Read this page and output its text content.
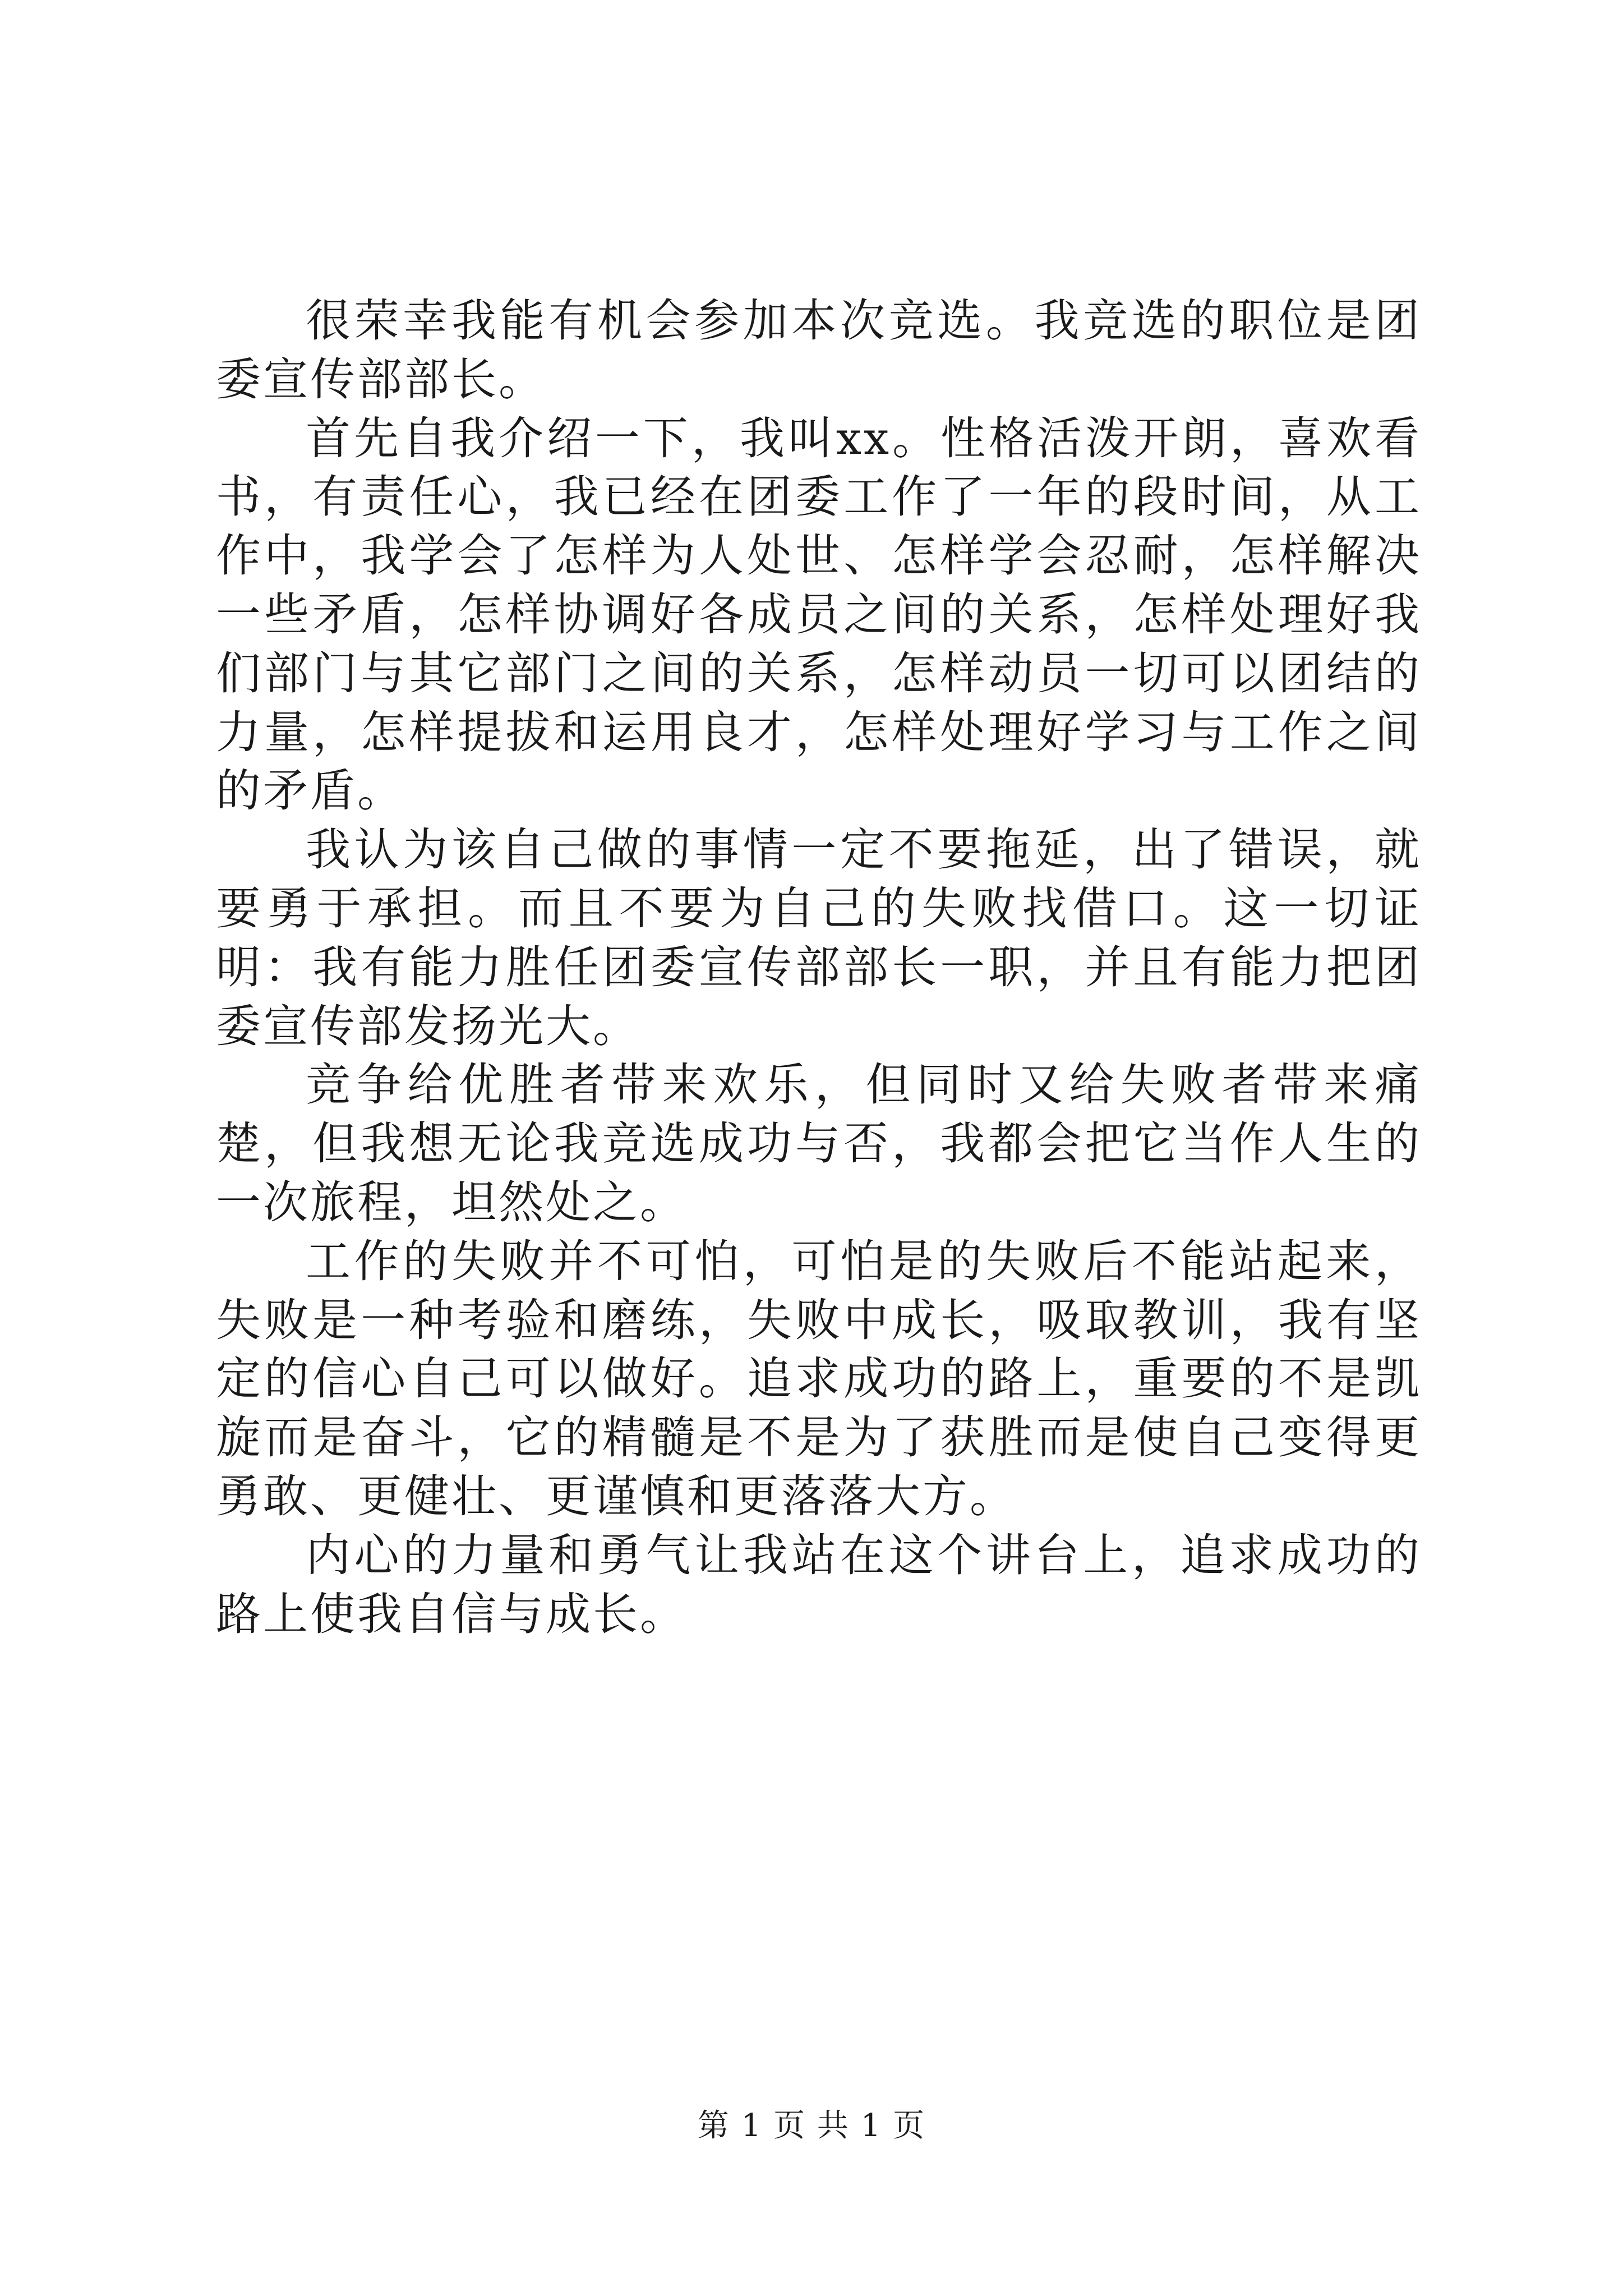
很荣幸我能有机会参加本次竞选。我竞选的职位是团委宣传部部长。

首先自我介绍一下，我叫xx。性格活泼开朗，喜欢看书，有责任心，我已经在团委工作了一年的段时间，从工作中，我学会了怎样为人处世、怎样学会忍耐，怎样解决一些矛盾，怎样协调好各成员之间的关系，怎样处理好我们部门与其它部门之间的关系，怎样动员一切可以团结的力量，怎样提拔和运用良才，怎样处理好学习与工作之间的矛盾。

我认为该自己做的事情一定不要拖延，出了错误，就要勇于承担。而且不要为自己的失败找借口。这一切证明：我有能力胜任团委宣传部部长一职，并且有能力把团委宣传部发扬光大。

竞争给优胜者带来欢乐，但同时又给失败者带来痛楚，但我想无论我竞选成功与否，我都会把它当作人生的一次旅程，坦然处之。

工作的失败并不可怕，可怕是的失败后不能站起来，失败是一种考验和磨练，失败中成长，吸取教训，我有坚定的信心自己可以做好。追求成功的路上，重要的不是凯旋而是奋斗，它的精髓是不是为了获胜而是使自己变得更勇敢、更健壮、更谨慎和更落落大方。

内心的力量和勇气让我站在这个讲台上，追求成功的路上使我自信与成长。

第 1 页 共 1 页
